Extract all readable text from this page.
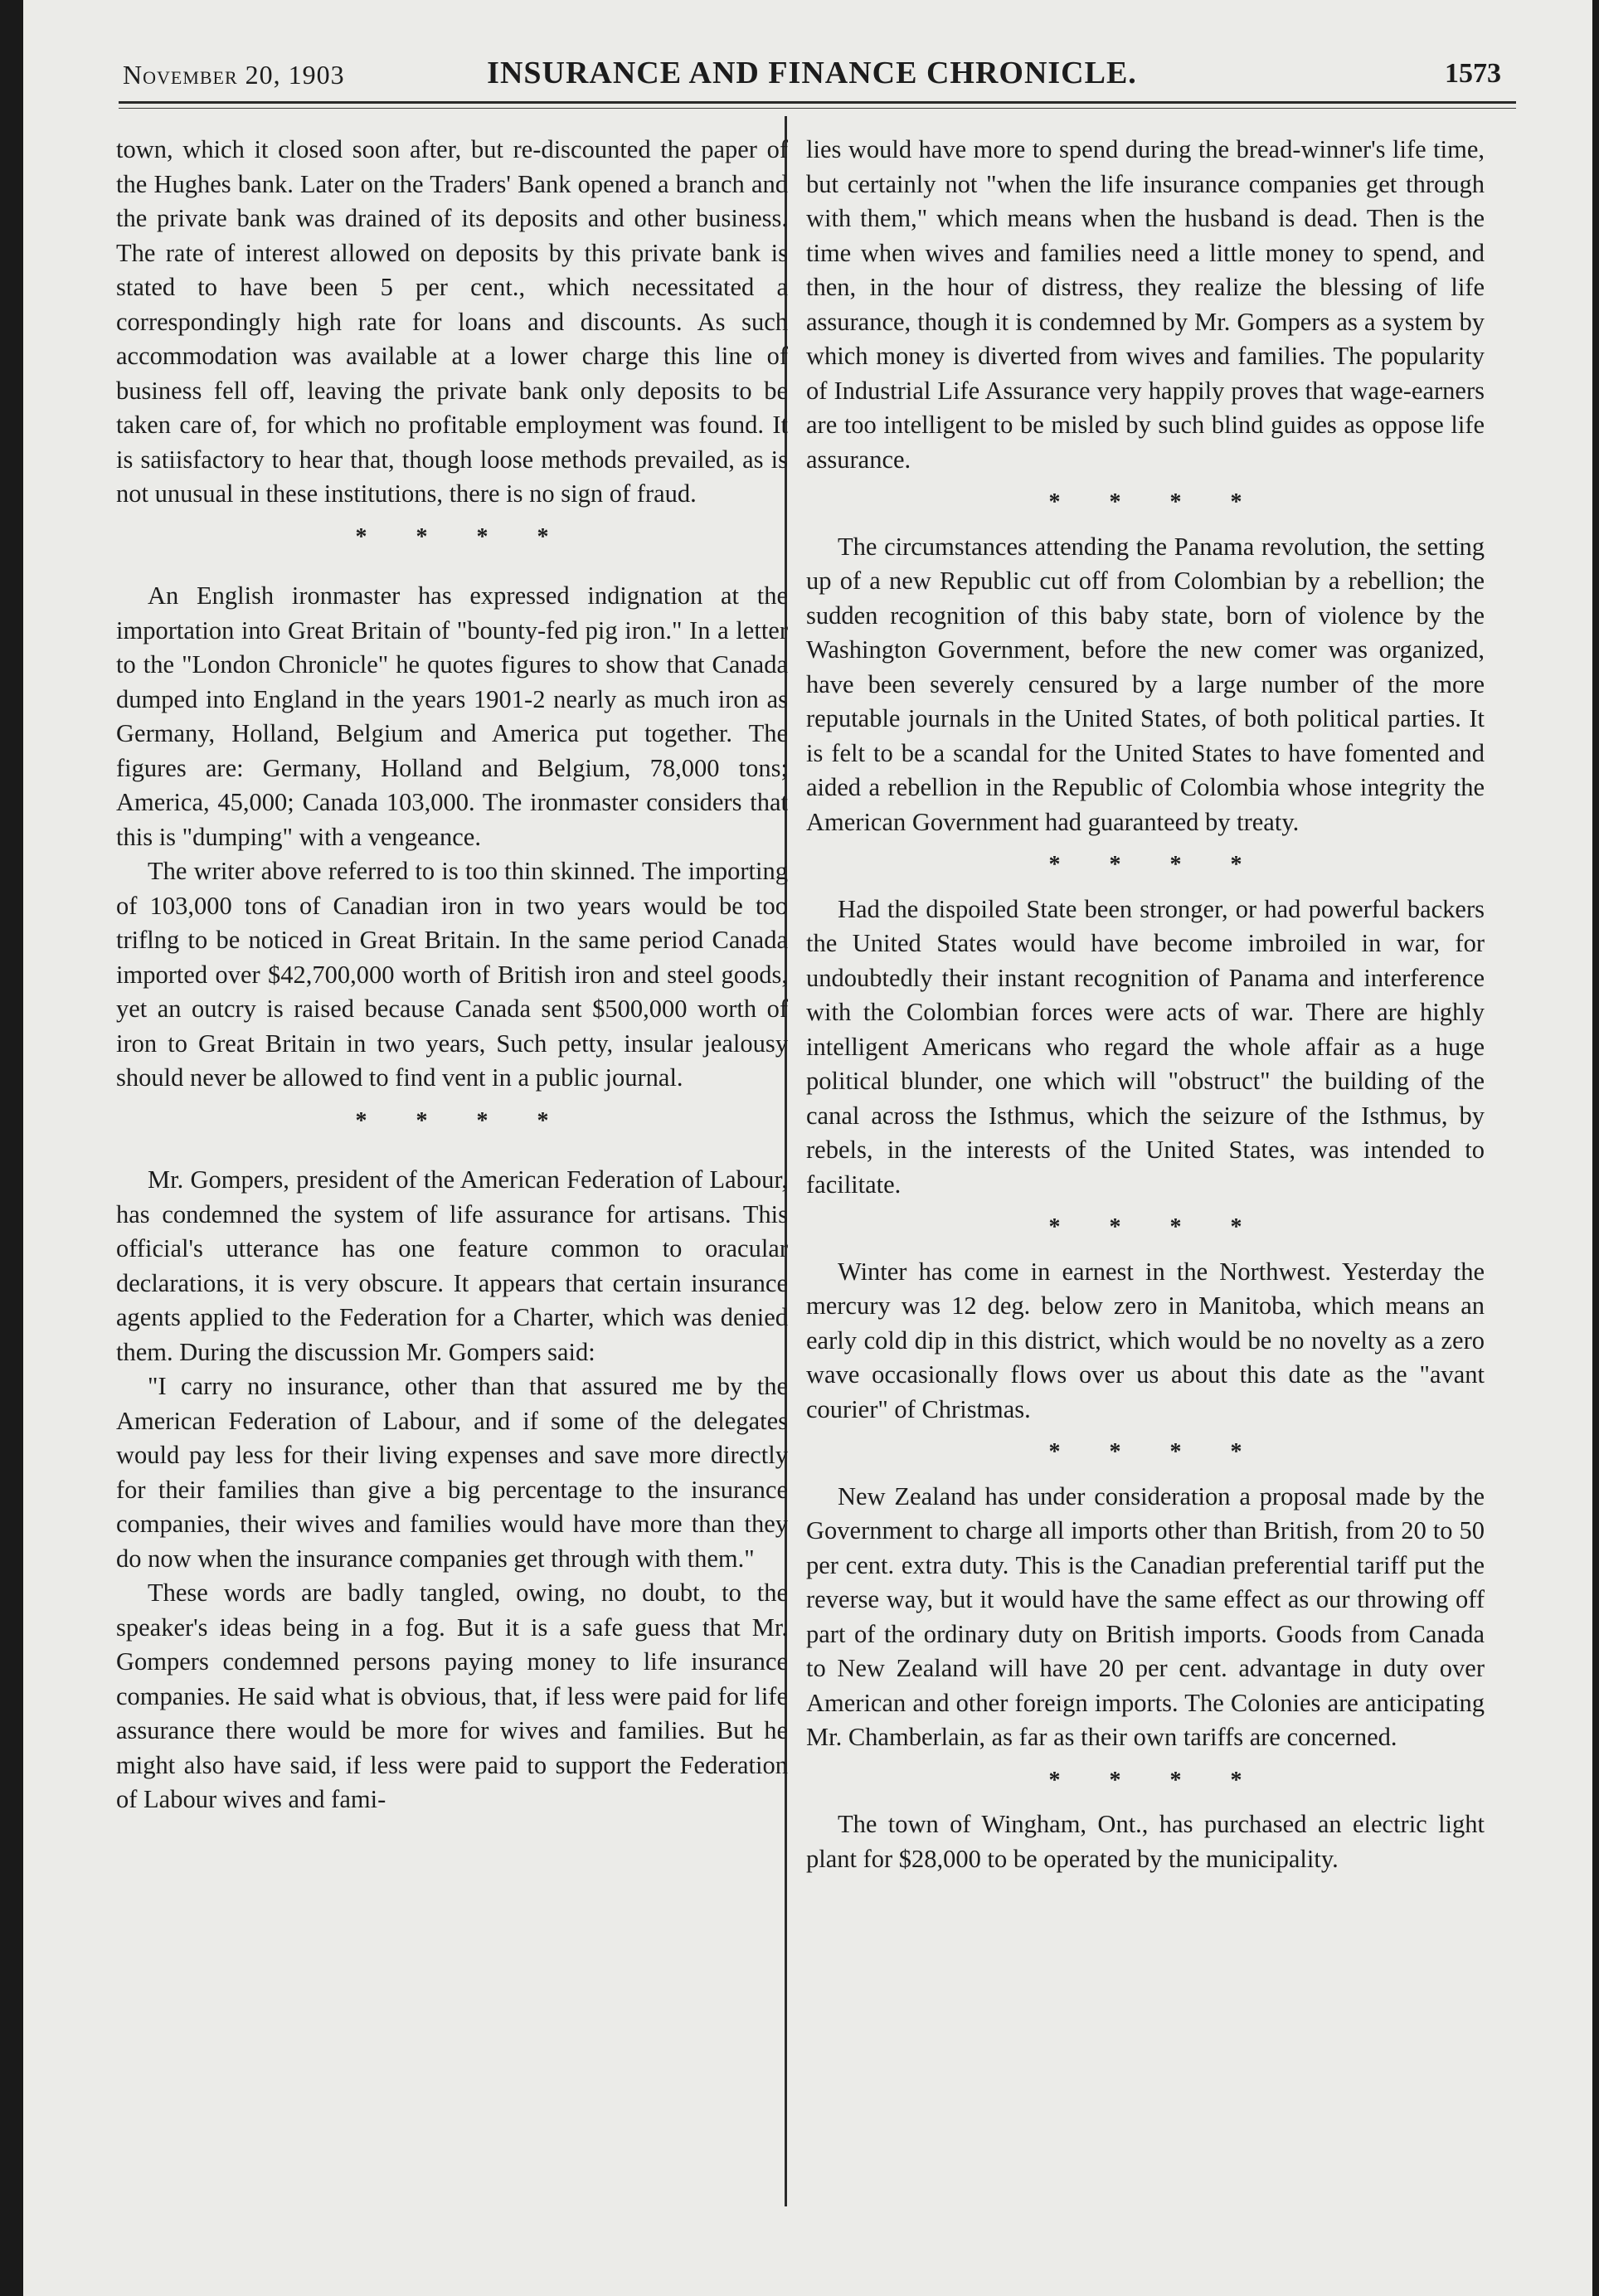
November 20, 1903	INSURANCE AND FINANCE CHRONICLE.	1573

town, which it closed soon after, but re-discounted the paper of the Hughes bank. Later on the Traders' Bank opened a branch and the private bank was drained of its deposits and other business. The rate of interest allowed on deposits by this private bank is stated to have been 5 per cent., which necessitated a correspondingly high rate for loans and discounts. As such accommodation was available at a lower charge this line of business fell off, leaving the private bank only deposits to be taken care of, for which no profitable employment was found. It is satiisfactory to hear that, though loose methods prevailed, as is not unusual in these institutions, there is no sign of fraud.

* * * *

An English ironmaster has expressed indignation at the importation into Great Britain of "bounty-fed pig iron." In a letter to the "London Chronicle" he quotes figures to show that Canada dumped into England in the years 1901-2 nearly as much iron as Germany, Holland, Belgium and America put together. The figures are: Germany, Holland and Belgium, 78,000 tons; America, 45,000; Canada 103,000. The ironmaster considers that this is "dumping" with a vengeance.

The writer above referred to is too thin skinned. The importing of 103,000 tons of Canadian iron in two years would be too triflng to be noticed in Great Britain. In the same period Canada imported over $42,700,000 worth of British iron and steel goods, yet an outcry is raised because Canada sent $500,000 worth of iron to Great Britain in two years, Such petty, insular jealousy should never be allowed to find vent in a public journal.

* * * *

Mr. Gompers, president of the American Federation of Labour, has condemned the system of life assurance for artisans. This official's utterance has one feature common to oracular declarations, it is very obscure. It appears that certain insurance agents applied to the Federation for a Charter, which was denied them. During the discussion Mr. Gompers said:

"I carry no insurance, other than that assured me by the American Federation of Labour, and if some of the delegates would pay less for their living expenses and save more directly for their families than give a big percentage to the insurance companies, their wives and families would have more than they do now when the insurance companies get through with them."

These words are badly tangled, owing, no doubt, to the speaker's ideas being in a fog. But it is a safe guess that Mr. Gompers condemned persons paying money to life insurance companies. He said what is obvious, that, if less were paid for life assurance there would be more for wives and families. But he might also have said, if less were paid to support the Federation of Labour wives and fami-

lies would have more to spend during the bread-winner's life time, but certainly not "when the life insurance companies get through with them," which means when the husband is dead. Then is the time when wives and families need a little money to spend, and then, in the hour of distress, they realize the blessing of life assurance, though it is condemned by Mr. Gompers as a system by which money is diverted from wives and families. The popularity of Industrial Life Assurance very happily proves that wage-earners are too intelligent to be misled by such blind guides as oppose life assurance.

* * * *

The circumstances attending the Panama revolution, the setting up of a new Republic cut off from Colombian by a rebellion; the sudden recognition of this baby state, born of violence by the Washington Government, before the new comer was organized, have been severely censured by a large number of the more reputable journals in the United States, of both political parties. It is felt to be a scandal for the United States to have fomented and aided a rebellion in the Republic of Colombia whose integrity the American Government had guaranteed by treaty.

* * * *

Had the dispoiled State been stronger, or had powerful backers the United States would have become imbroiled in war, for undoubtedly their instant recognition of Panama and interference with the Colombian forces were acts of war. There are highly intelligent Americans who regard the whole affair as a huge political blunder, one which will "obstruct" the building of the canal across the Isthmus, which the seizure of the Isthmus, by rebels, in the interests of the United States, was intended to facilitate.

* * * *

Winter has come in earnest in the Northwest. Yesterday the mercury was 12 deg. below zero in Manitoba, which means an early cold dip in this district, which would be no novelty as a zero wave occasionally flows over us about this date as the "avant courier" of Christmas.

* * * *

New Zealand has under consideration a proposal made by the Government to charge all imports other than British, from 20 to 50 per cent. extra duty. This is the Canadian preferential tariff put the reverse way, but it would have the same effect as our throwing off part of the ordinary duty on British imports. Goods from Canada to New Zealand will have 20 per cent. advantage in duty over American and other foreign imports. The Colonies are anticipating Mr. Chamberlain, as far as their own tariffs are concerned.

* * * *

The town of Wingham, Ont., has purchased an electric light plant for $28,000 to be operated by the municipality.
